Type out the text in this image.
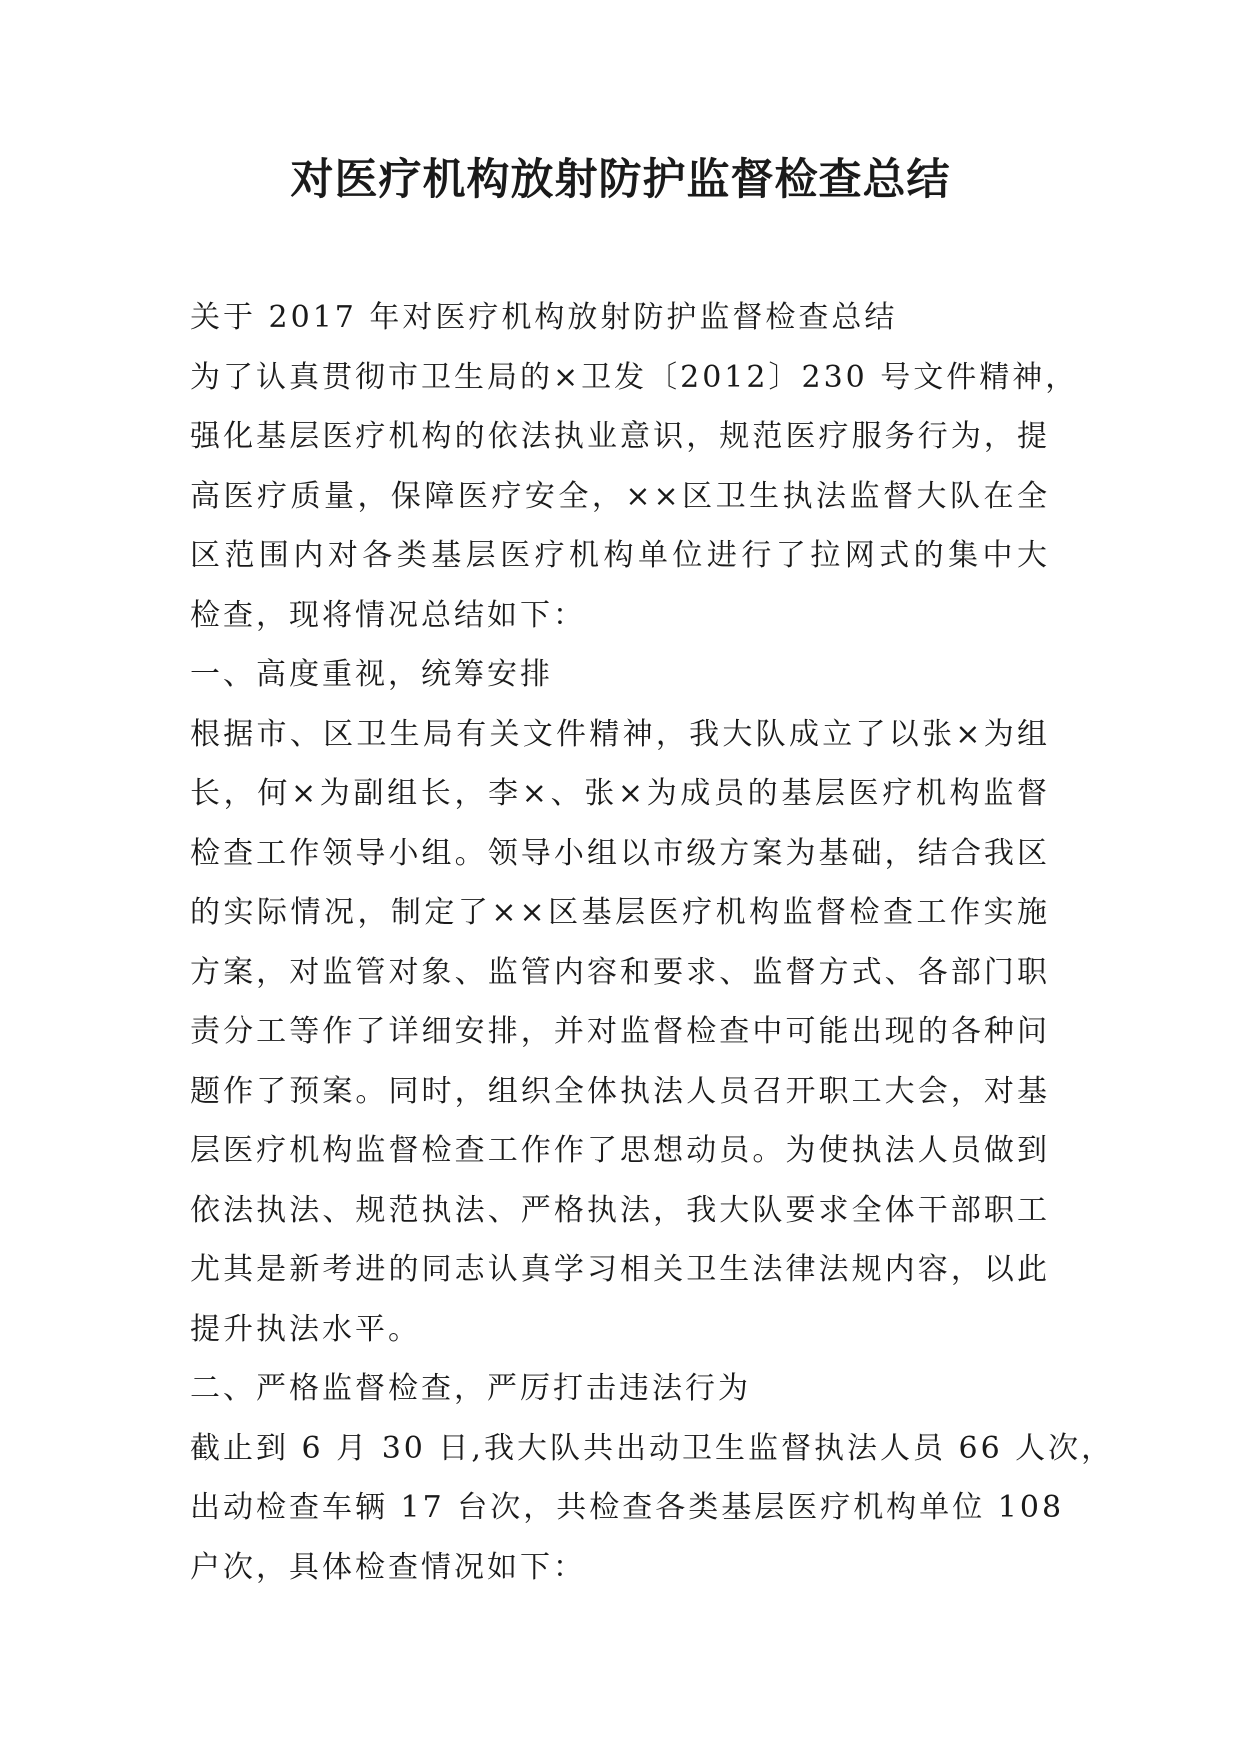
对医疗机构放射防护监督检查总结
关于 2017 年对医疗机构放射防护监督检查总结
为了认真贯彻市卫生局的×卫发〔2012〕230 号文件精神，
强化基层医疗机构的依法执业意识，规范医疗服务行为，提
高医疗质量，保障医疗安全，××区卫生执法监督大队在全
区范围内对各类基层医疗机构单位进行了拉网式的集中大
检查，现将情况总结如下：
一、高度重视，统筹安排
根据市、区卫生局有关文件精神，我大队成立了以张×为组
长，何×为副组长，李×、张×为成员的基层医疗机构监督
检查工作领导小组。领导小组以市级方案为基础，结合我区
的实际情况，制定了××区基层医疗机构监督检查工作实施
方案，对监管对象、监管内容和要求、监督方式、各部门职
责分工等作了详细安排，并对监督检查中可能出现的各种问
题作了预案。同时，组织全体执法人员召开职工大会，对基
层医疗机构监督检查工作作了思想动员。为使执法人员做到
依法执法、规范执法、严格执法，我大队要求全体干部职工
尤其是新考进的同志认真学习相关卫生法律法规内容，以此
提升执法水平。
二、严格监督检查，严厉打击违法行为
截止到 6 月 30 日,我大队共出动卫生监督执法人员 66 人次，
出动检查车辆 17 台次，共检查各类基层医疗机构单位 108
户次，具体检查情况如下：
